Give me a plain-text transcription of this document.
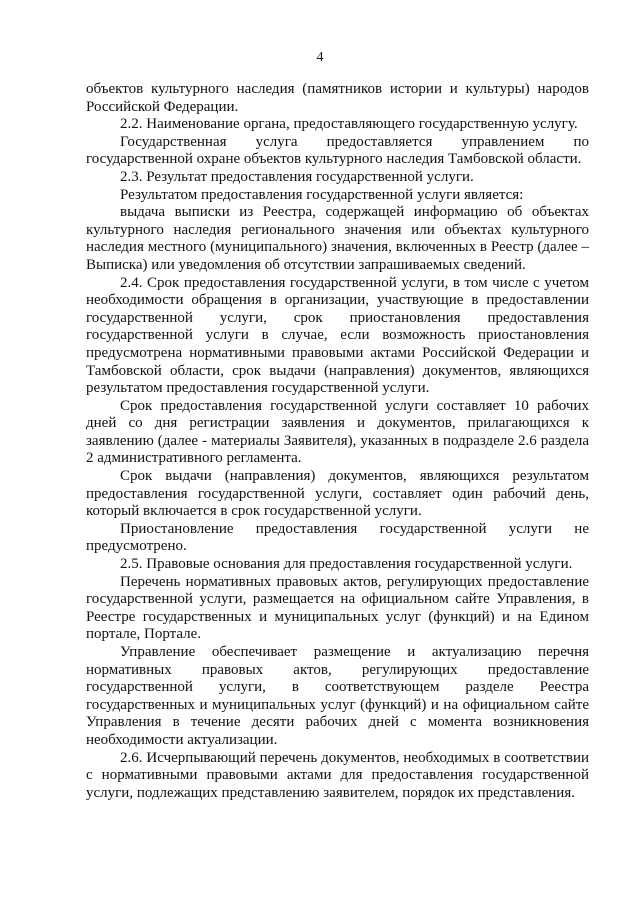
4

объектов культурного наследия (памятников истории и культуры) народов Российской Федерации.

2.2. Наименование органа, предоставляющего государственную услугу.

Государственная услуга предоставляется управлением по государственной охране объектов культурного наследия Тамбовской области.

2.3. Результат предоставления государственной услуги.

Результатом предоставления государственной услуги является:

выдача выписки из Реестра, содержащей информацию об объектах культурного наследия регионального значения или объектах культурного наследия местного (муниципального) значения, включенных в Реестр (далее – Выписка) или уведомления об отсутствии запрашиваемых сведений.

2.4. Срок предоставления государственной услуги, в том числе с учетом необходимости обращения в организации, участвующие в предоставлении государственной услуги, срок приостановления предоставления государственной услуги в случае, если возможность приостановления предусмотрена нормативными правовыми актами Российской Федерации и Тамбовской области, срок выдачи (направления) документов, являющихся результатом предоставления государственной услуги.

Срок предоставления государственной услуги составляет 10 рабочих дней со дня регистрации заявления и документов, прилагающихся к заявлению (далее - материалы Заявителя), указанных в подразделе 2.6 раздела 2 административного регламента.

Срок выдачи (направления) документов, являющихся результатом предоставления государственной услуги, составляет один рабочий день, который включается в срок государственной услуги.

Приостановление предоставления государственной услуги не предусмотрено.

2.5. Правовые основания для предоставления государственной услуги.

Перечень нормативных правовых актов, регулирующих предоставление государственной услуги, размещается на официальном сайте Управления, в Реестре государственных и муниципальных услуг (функций) и на Едином портале, Портале.

Управление обеспечивает размещение и актуализацию перечня нормативных правовых актов, регулирующих предоставление государственной услуги, в соответствующем разделе Реестра государственных и муниципальных услуг (функций) и на официальном сайте Управления в течение десяти рабочих дней с момента возникновения необходимости актуализации.

2.6. Исчерпывающий перечень документов, необходимых в соответствии с нормативными правовыми актами для предоставления государственной услуги, подлежащих представлению заявителем, порядок их представления.
